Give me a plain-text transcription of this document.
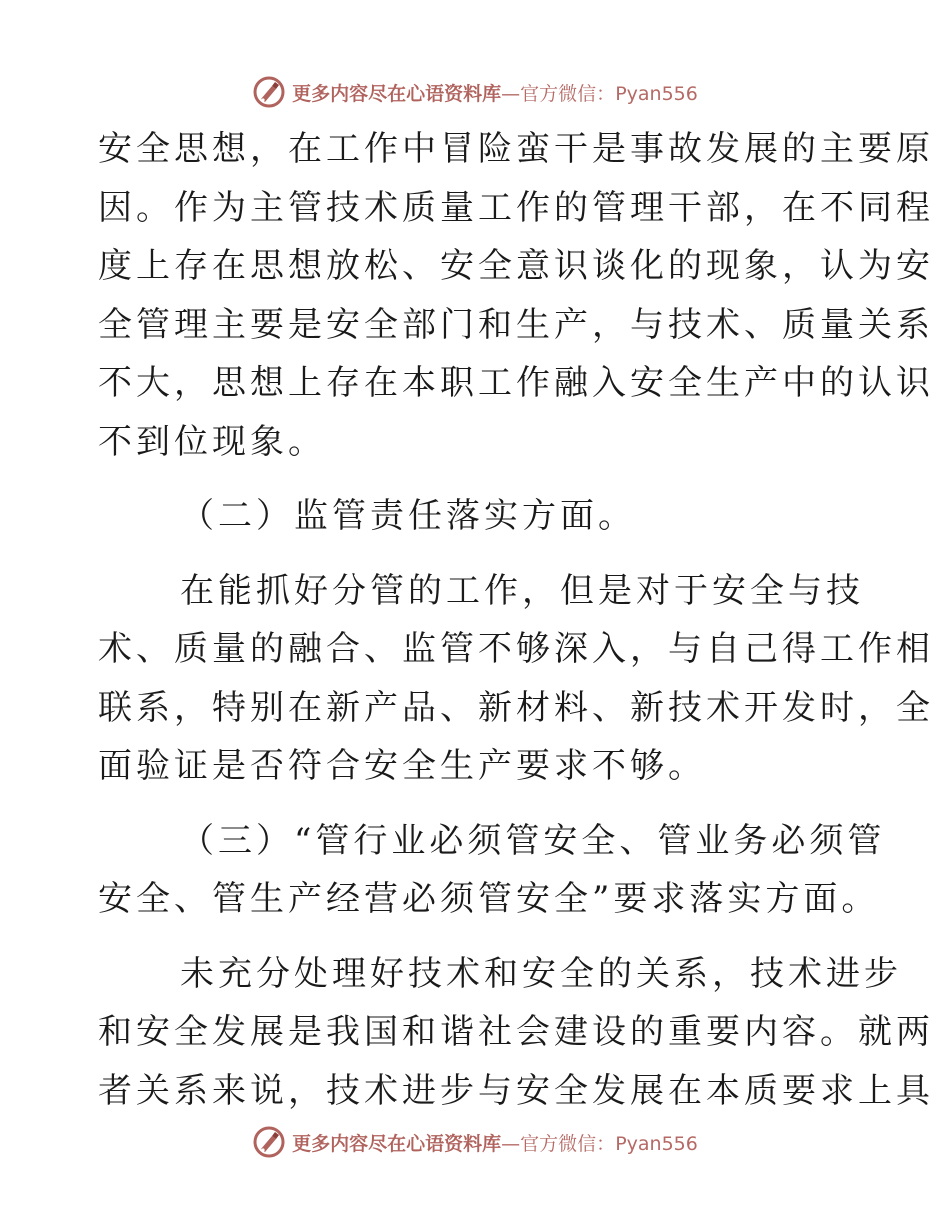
更多内容尽在心语资料库—官方微信：Pyan556

安全思想，在工作中冒险蛮干是事故发展的主要原
因。作为主管技术质量工作的管理干部，在不同程
度上存在思想放松、安全意识谈化的现象，认为安
全管理主要是安全部门和生产，与技术、质量关系
不大，思想上存在本职工作融入安全生产中的认识
不到位现象。

（二）监管责任落实方面。

在能抓好分管的工作，但是对于安全与技
术、质量的融合、监管不够深入，与自己得工作相
联系，特别在新产品、新材料、新技术开发时，全
面验证是否符合安全生产要求不够。

（三）“管行业必须管安全、管业务必须管
安全、管生产经营必须管安全”要求落实方面。

未充分处理好技术和安全的关系，技术进步
和安全发展是我国和谐社会建设的重要内容。就两
者关系来说，技术进步与安全发展在本质要求上具

更多内容尽在心语资料库—官方微信：Pyan556
